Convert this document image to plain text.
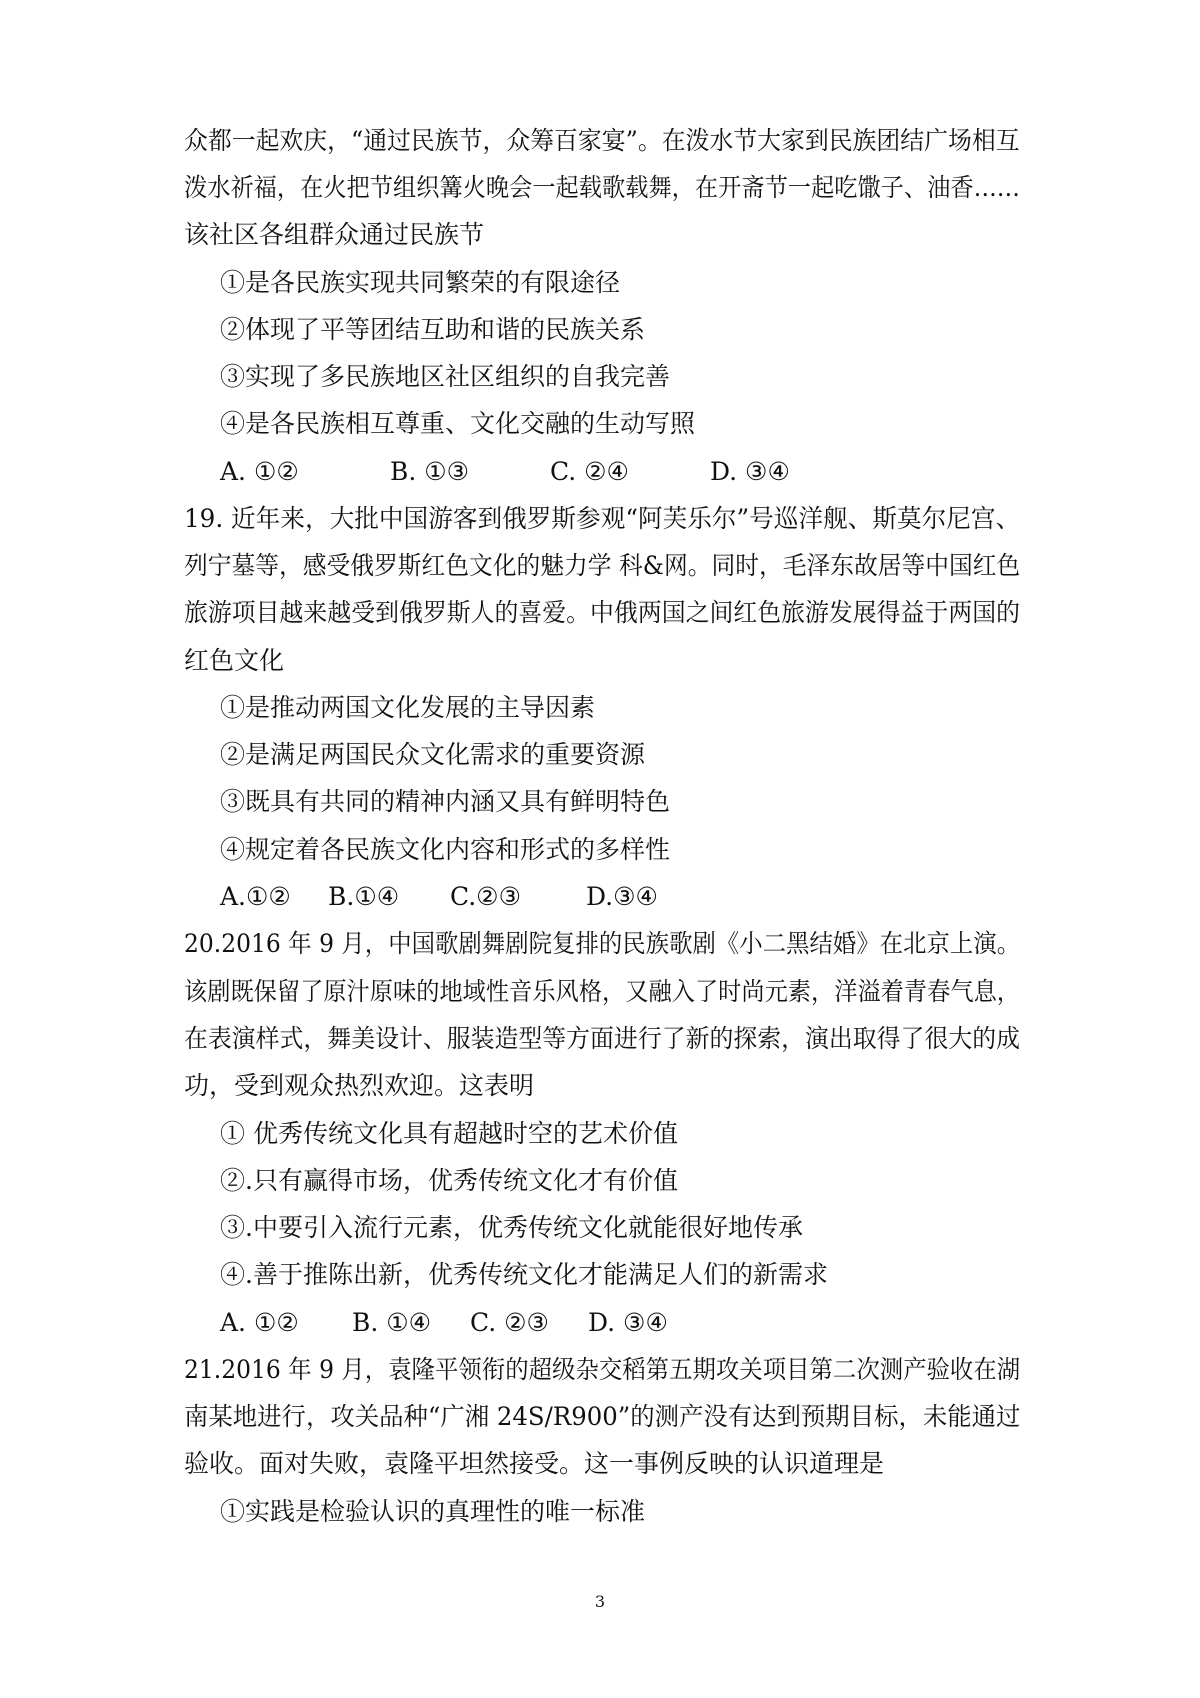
众都一起欢庆，“通过民族节，众筹百家宴”。在泼水节大家到民族团结广场相互
泼水祈福，在火把节组织篝火晚会一起载歌载舞，在开斋节一起吃馓子、油香……
该社区各组群众通过民族节
①是各民族实现共同繁荣的有限途径
②体现了平等团结互助和谐的民族关系
③实现了多民族地区社区组织的自我完善
④是各民族相互尊重、文化交融的生动写照
A. ①②	B. ①③	C. ②④	D. ③④
19. 近年来，大批中国游客到俄罗斯参观“阿芙乐尔”号巡洋舰、斯莫尔尼宫、
列宁墓等，感受俄罗斯红色文化的魅力学 科&网。同时，毛泽东故居等中国红色
旅游项目越来越受到俄罗斯人的喜爱。中俄两国之间红色旅游发展得益于两国的
红色文化
①是推动两国文化发展的主导因素
②是满足两国民众文化需求的重要资源
③既具有共同的精神内涵又具有鲜明特色
④规定着各民族文化内容和形式的多样性
A.①② B.①④ C.②③	D.③④
20.2016 年 9 月，中国歌剧舞剧院复排的民族歌剧《小二黑结婚》在北京上演。
该剧既保留了原汁原味的地域性音乐风格，又融入了时尚元素，洋溢着青春气息，
在表演样式，舞美设计、服装造型等方面进行了新的探索，演出取得了很大的成
功，受到观众热烈欢迎。这表明
① 优秀传统文化具有超越时空的艺术价值
②.只有赢得市场，优秀传统文化才有价值
③.中要引入流行元素，优秀传统文化就能很好地传承
④.善于推陈出新，优秀传统文化才能满足人们的新需求
A. ①② B. ①④ C. ②③ D. ③④
21.2016 年 9 月，袁隆平领衔的超级杂交稻第五期攻关项目第二次测产验收在湖
南某地进行，攻关品种“广湘 24S/R900”的测产没有达到预期目标，未能通过
验收。面对失败，袁隆平坦然接受。这一事例反映的认识道理是
①实践是检验认识的真理性的唯一标准
3
